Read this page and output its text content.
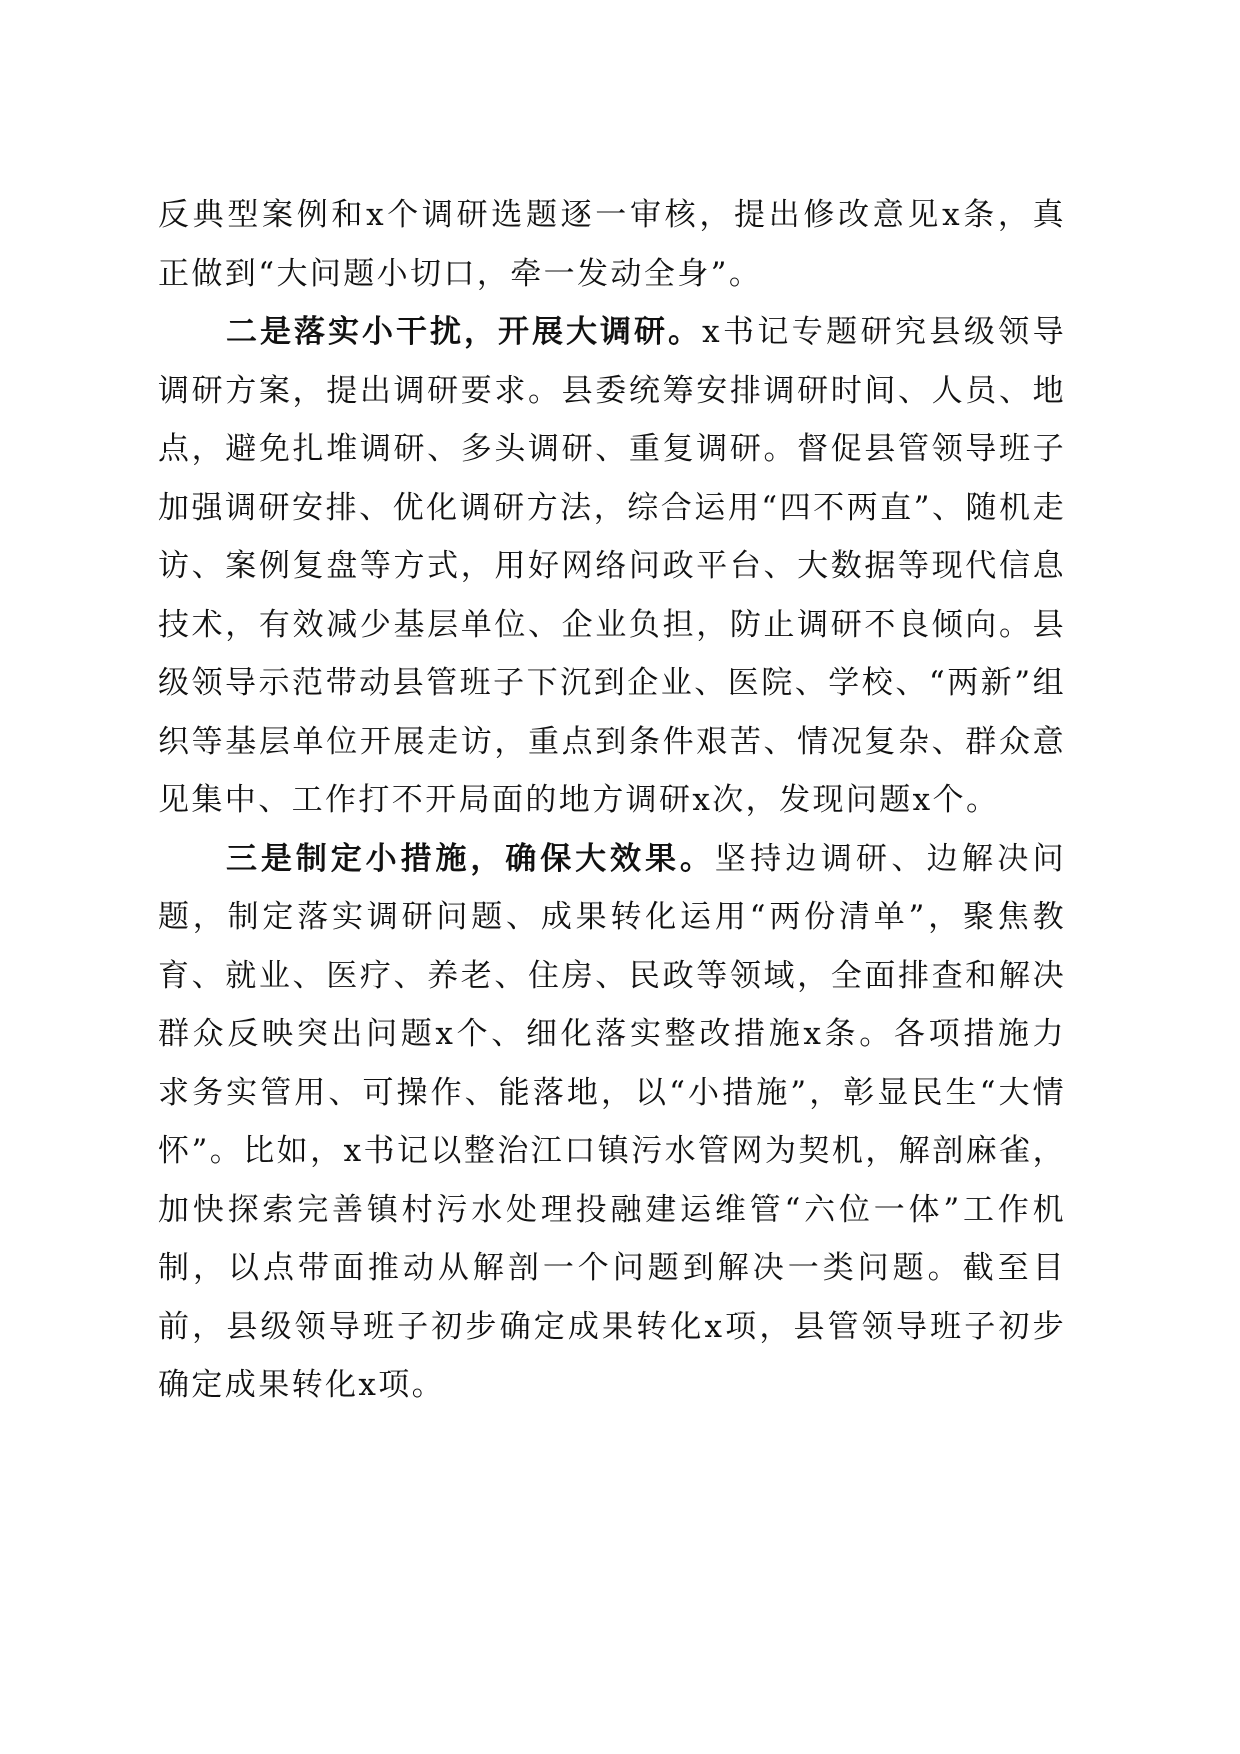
反典型案例和x个调研选题逐一审核，提出修改意见x条，真正做到“大问题小切口，牵一发动全身”。

二是落实小干扰，开展大调研。x书记专题研究县级领导调研方案，提出调研要求。县委统筹安排调研时间、人员、地点，避免扎堆调研、多头调研、重复调研。督促县管领导班子加强调研安排、优化调研方法，综合运用“四不两直”、随机走访、案例复盘等方式，用好网络问政平台、大数据等现代信息技术，有效减少基层单位、企业负担，防止调研不良倾向。县级领导示范带动县管班子下沉到企业、医院、学校、“两新”组织等基层单位开展走访，重点到条件艰苦、情况复杂、群众意见集中、工作打不开局面的地方调研x次，发现问题x个。

三是制定小措施，确保大效果。坚持边调研、边解决问题，制定落实调研问题、成果转化运用“两份清单”，聚焦教育、就业、医疗、养老、住房、民政等领域，全面排查和解决群众反映突出问题x个、细化落实整改措施x条。各项措施力求务实管用、可操作、能落地，以“小措施”，彰显民生“大情怀”。比如，x书记以整治江口镇污水管网为契机，解剖麻雀，加快探索完善镇村污水处理投融建运维管“六位一体”工作机制，以点带面推动从解剖一个问题到解决一类问题。截至目前，县级领导班子初步确定成果转化x项，县管领导班子初步确定成果转化x项。
